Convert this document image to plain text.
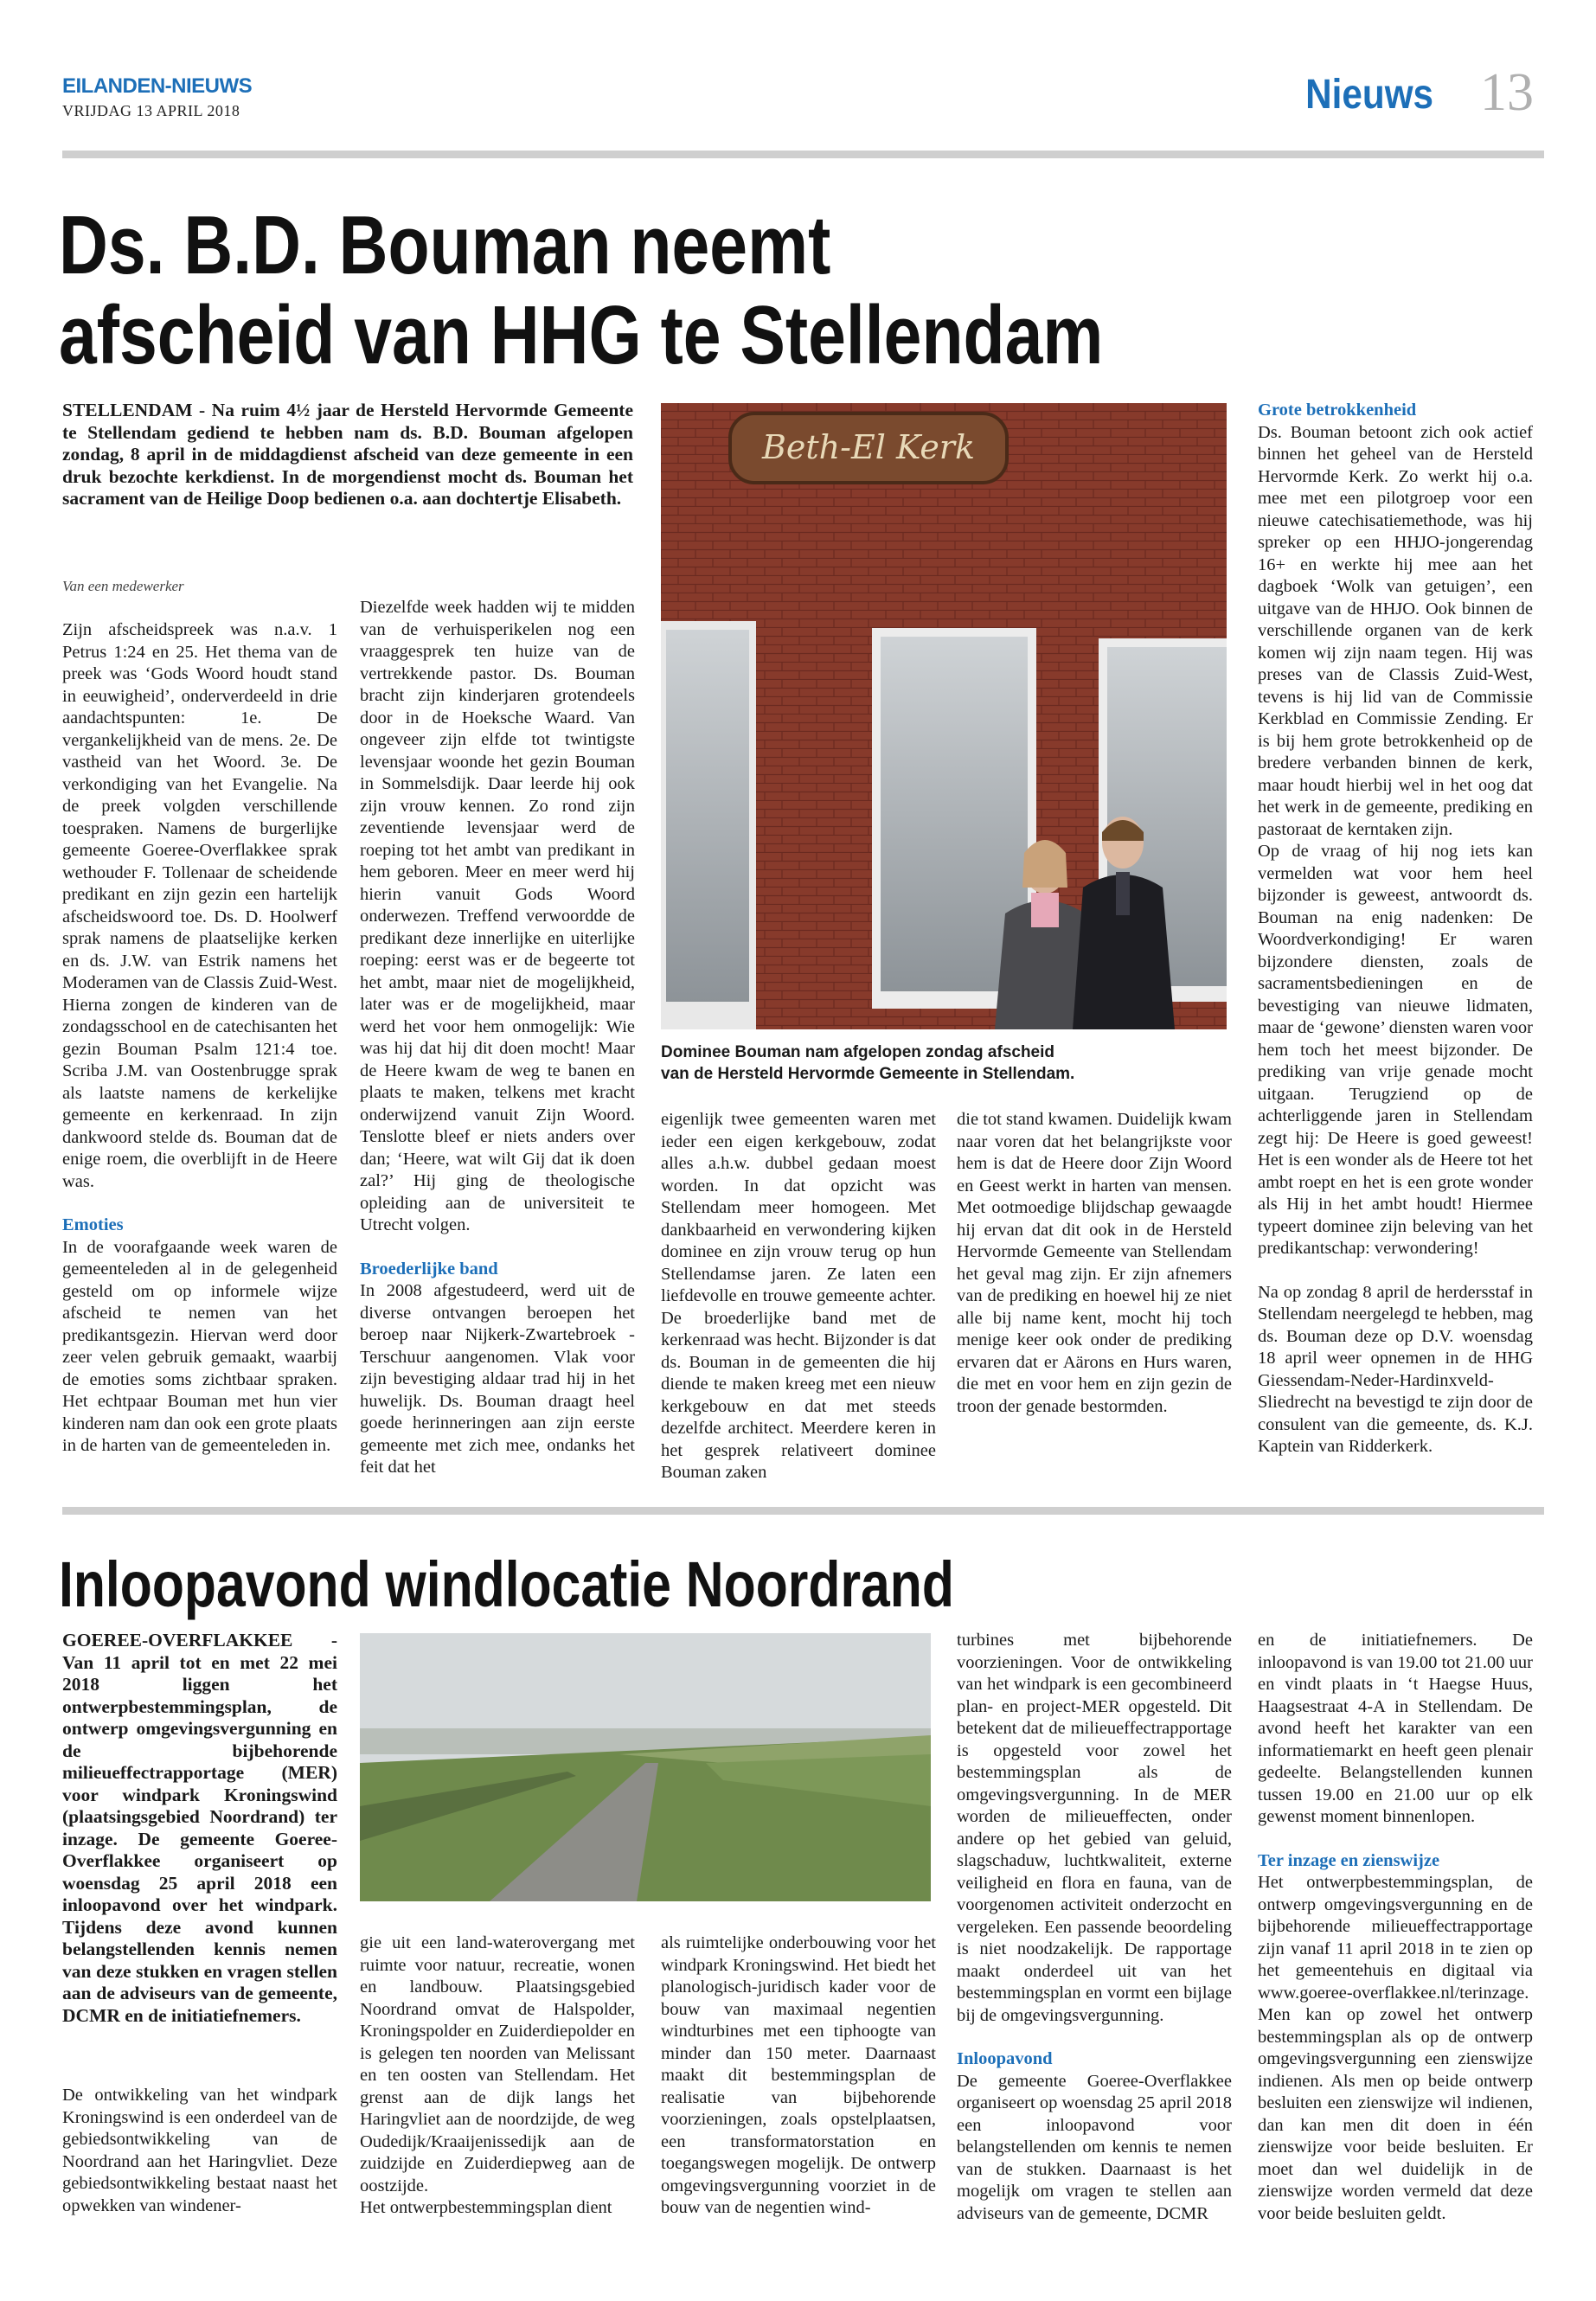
EILANDEN-NIEUWS
VRIJDAG 13 APRIL 2018	Nieuws 13
Ds. B.D. Bouman neemt
afscheid van HHG te Stellendam
STELLENDAM - Na ruim 4½ jaar de Hersteld Hervormde Gemeente te Stellendam gediend te hebben nam ds. B.D. Bouman afgelopen zondag, 8 april in de middagdienst afscheid van deze gemeente in een druk bezochte kerkdienst. In de morgendienst mocht ds. Bouman het sacrament van de Heilige Doop bedienen o.a. aan dochtertje Elisabeth.
Van een medewerker

Zijn afscheidspreek was n.a.v. 1 Petrus 1:24 en 25. Het thema van de preek was ‘Gods Woord houdt stand in eeuwigheid’, onderverdeeld in drie aandachtspunten: 1e. De vergankelijkheid van de mens. 2e. De vastheid van het Woord. 3e. De verkondiging van het Evangelie. Na de preek volgden verschillende toespraken. Namens de burgerlijke gemeente Goeree-Overflakkee sprak wethouder F. Tollenaar de scheidende predikant en zijn gezin een hartelijk afscheidswoord toe. Ds. D. Hoolwerf sprak namens de plaatselijke kerken en ds. J.W. van Estrik namens het Moderamen van de Classis Zuid-West. Hierna zongen de kinderen van de zondagsschool en de catechisanten het gezin Bouman Psalm 121:4 toe. Scriba J.M. van Oostenbrugge sprak als laatste namens de kerkelijke gemeente en kerkenraad. In zijn dankwoord stelde ds. Bouman dat de enige roem, die overblijft in de Heere was.

Emoties

In de voorafgaande week waren de gemeenteleden al in de gelegenheid gesteld om op informele wijze afscheid te nemen van het predikantsgezin. Hiervan werd door zeer velen gebruik gemaakt, waarbij de emoties soms zichtbaar spraken. Het echtpaar Bouman met hun vier kinderen nam dan ook een grote plaats in de harten van de gemeenteleden in.

Diezelfde week hadden wij te midden van de verhuisperikelen nog een vraaggesprek ten huize van de vertrekkende pastor. Ds. Bouman bracht zijn kinderjaren grotendeels door in de Hoeksche Waard. Van ongeveer zijn elfde tot twintigste levensjaar woonde het gezin Bouman in Sommelsdijk. Daar leerde hij ook zijn vrouw kennen. Zo rond zijn zeventiende levensjaar werd de roeping tot het ambt van predikant in hem geboren. Meer en meer werd hij hierin vanuit Gods Woord onderwezen. Treffend verwoordde de predikant deze innerlijke en uiterlijke roeping: eerst was er de begeerte tot het ambt, maar niet de mogelijkheid, later was er de mogelijkheid, maar werd het voor hem onmogelijk: Wie was hij dat hij dit doen mocht! Maar de Heere kwam de weg te banen en plaats te maken, telkens met kracht onderwijzend vanuit Zijn Woord. Tenslotte bleef er niets anders over dan; ‘Heere, wat wilt Gij dat ik doen zal?’ Hij ging de theologische opleiding aan de universiteit te Utrecht volgen.

Broederlijke band

In 2008 afgestudeerd, werd uit de diverse ontvangen beroepen het beroep naar Nijkerk-Zwartebroek -Terschuur aangenomen. Vlak voor zijn bevestiging aldaar trad hij in het huwelijk. Ds. Bouman draagt heel goede herinneringen aan zijn eerste gemeente met zich mee, ondanks het feit dat het

Beth-El Kerk
Dominee Bouman nam afgelopen zondag afscheid
van de Hersteld Hervormde Gemeente in Stellendam.

eigenlijk twee gemeenten waren met ieder een eigen kerkgebouw, zodat alles a.h.w. dubbel gedaan moest worden. In dat opzicht was Stellendam meer homogeen. Met dankbaarheid en verwondering kijken dominee en zijn vrouw terug op hun Stellendamse jaren. Ze laten een liefdevolle en trouwe gemeente achter. De broederlijke band met de kerkenraad was hecht. Bijzonder is dat ds. Bouman in de gemeenten die hij diende te maken kreeg met een nieuw kerkgebouw en dat met steeds dezelfde architect. Meerdere keren in het gesprek relativeert dominee Bouman zaken

die tot stand kwamen. Duidelijk kwam naar voren dat het belangrijkste voor hem is dat de Heere door Zijn Woord en Geest werkt in harten van mensen. Met ootmoedige blijdschap gewaagde hij ervan dat dit ook in de Hersteld Hervormde Gemeente van Stellendam het geval mag zijn. Er zijn afnemers van de prediking en hoewel hij ze niet alle bij name kent, mocht hij toch menige keer ook onder de prediking ervaren dat er Aärons en Hurs waren, die met en voor hem en zijn gezin de troon der genade bestormden.

Grote betrokkenheid

Ds. Bouman betoont zich ook actief binnen het geheel van de Hersteld Hervormde Kerk. Zo werkt hij o.a. mee met een pilotgroep voor een nieuwe catechisatiemethode, was hij spreker op een HHJO-jongerendag 16+ en werkte hij mee aan het dagboek ‘Wolk van getuigen’, een uitgave van de HHJO. Ook binnen de verschillende organen van de kerk komen wij zijn naam tegen. Hij was preses van de Classis Zuid-West, tevens is hij lid van de Commissie Kerkblad en Commissie Zending. Er is bij hem grote betrokkenheid op de bredere verbanden binnen de kerk, maar houdt hierbij wel in het oog dat het werk in de gemeente, prediking en pastoraat de kerntaken zijn.

Op de vraag of hij nog iets kan vermelden wat voor hem heel bijzonder is geweest, antwoordt ds. Bouman na enig nadenken: De Woordverkondiging! Er waren bijzondere diensten, zoals de sacramentsbedieningen en de bevestiging van nieuwe lidmaten, maar de ‘gewone’ diensten waren voor hem toch het meest bijzonder. De prediking van vrije genade mocht uitgaan. Terugziend op de achterliggende jaren in Stellendam zegt hij: De Heere is goed geweest! Het is een wonder als de Heere tot het ambt roept en het is een grote wonder als Hij in het ambt houdt! Hiermee typeert dominee zijn beleving van het predikantschap: verwondering!

Na op zondag 8 april de herdersstaf in Stellendam neergelegd te hebben, mag ds. Bouman deze op D.V. woensdag 18 april weer opnemen in de HHG Giessendam-Neder-Hardinxveld-Sliedrecht na bevestigd te zijn door de consulent van die gemeente, ds. K.J. Kaptein van Ridderkerk.

Inloopavond windlocatie Noordrand
GOEREE-OVERFLAKKEE - Van 11 april tot en met 22 mei 2018 liggen het ontwerpbestemmingsplan, de ontwerp omgevingsvergunning en de bijbehorende milieueffectrapportage (MER) voor windpark Kroningswind (plaatsingsgebied Noordrand) ter inzage. De gemeente Goeree-Overflakkee organiseert op woensdag 25 april 2018 een inloopavond over het windpark. Tijdens deze avond kunnen belangstellenden kennis nemen van deze stukken en vragen stellen aan de adviseurs van de gemeente, DCMR en de initiatiefnemers.

De ontwikkeling van het windpark Kroningswind is een onderdeel van de gebiedsontwikkeling van de Noordrand aan het Haringvliet. Deze gebiedsontwikkeling bestaat naast het opwekken van windener-

gie uit een land-waterovergang met ruimte voor natuur, recreatie, wonen en landbouw. Plaatsingsgebied Noordrand omvat de Halspolder, Kroningspolder en Zuiderdiepolder en is gelegen ten noorden van Melissant en ten oosten van Stellendam. Het grenst aan de dijk langs het Haringvliet aan de noordzijde, de weg Oudedijk/Kraaijenissedijk aan de zuidzijde en Zuiderdiepweg aan de oostzijde.

Het ontwerpbestemmingsplan dient

als ruimtelijke onderbouwing voor het windpark Kroningswind. Het biedt het planologisch-juridisch kader voor de bouw van maximaal negentien windturbines met een tiphoogte van minder dan 150 meter. Daarnaast maakt dit bestemmingsplan de realisatie van bijbehorende voorzieningen, zoals opstelplaatsen, een transformatorstation en toegangswegen mogelijk. De ontwerp omgevingsvergunning voorziet in de bouw van de negentien wind-

turbines met bijbehorende voorzieningen. Voor de ontwikkeling van het windpark is een gecombineerd plan- en project-MER opgesteld. Dit betekent dat de milieueffectrapportage is opgesteld voor zowel het bestemmingsplan als de omgevingsvergunning. In de MER worden de milieueffecten, onder andere op het gebied van geluid, slagschaduw, luchtkwaliteit, externe veiligheid en flora en fauna, van de voorgenomen activiteit onderzocht en vergeleken. Een passende beoordeling is niet noodzakelijk. De rapportage maakt onderdeel uit van het bestemmingsplan en vormt een bijlage bij de omgevingsvergunning.

Inloopavond

De gemeente Goeree-Overflakkee organiseert op woensdag 25 april 2018 een inloopavond voor belangstellenden om kennis te nemen van de stukken. Daarnaast is het mogelijk om vragen te stellen aan adviseurs van de gemeente, DCMR

en de initiatiefnemers. De inloopavond is van 19.00 tot 21.00 uur en vindt plaats in ‘t Haegse Huus, Haagsestraat 4-A in Stellendam. De avond heeft het karakter van een informatiemarkt en heeft geen plenair gedeelte. Belangstellenden kunnen tussen 19.00 en 21.00 uur op elk gewenst moment binnenlopen.

Ter inzage en zienswijze

Het ontwerpbestemmingsplan, de ontwerp omgevingsvergunning en de bijbehorende milieueffectrapportage zijn vanaf 11 april 2018 in te zien op het gemeentehuis en digitaal via www.goeree-overflakkee.nl/terinzage. Men kan op zowel het ontwerp bestemmingsplan als op de ontwerp omgevingsvergunning een zienswijze indienen. Als men op beide ontwerp besluiten een zienswijze wil indienen, dan kan men dit doen in één zienswijze voor beide besluiten. Er moet dan wel duidelijk in de zienswijze worden vermeld dat deze voor beide besluiten geldt.
